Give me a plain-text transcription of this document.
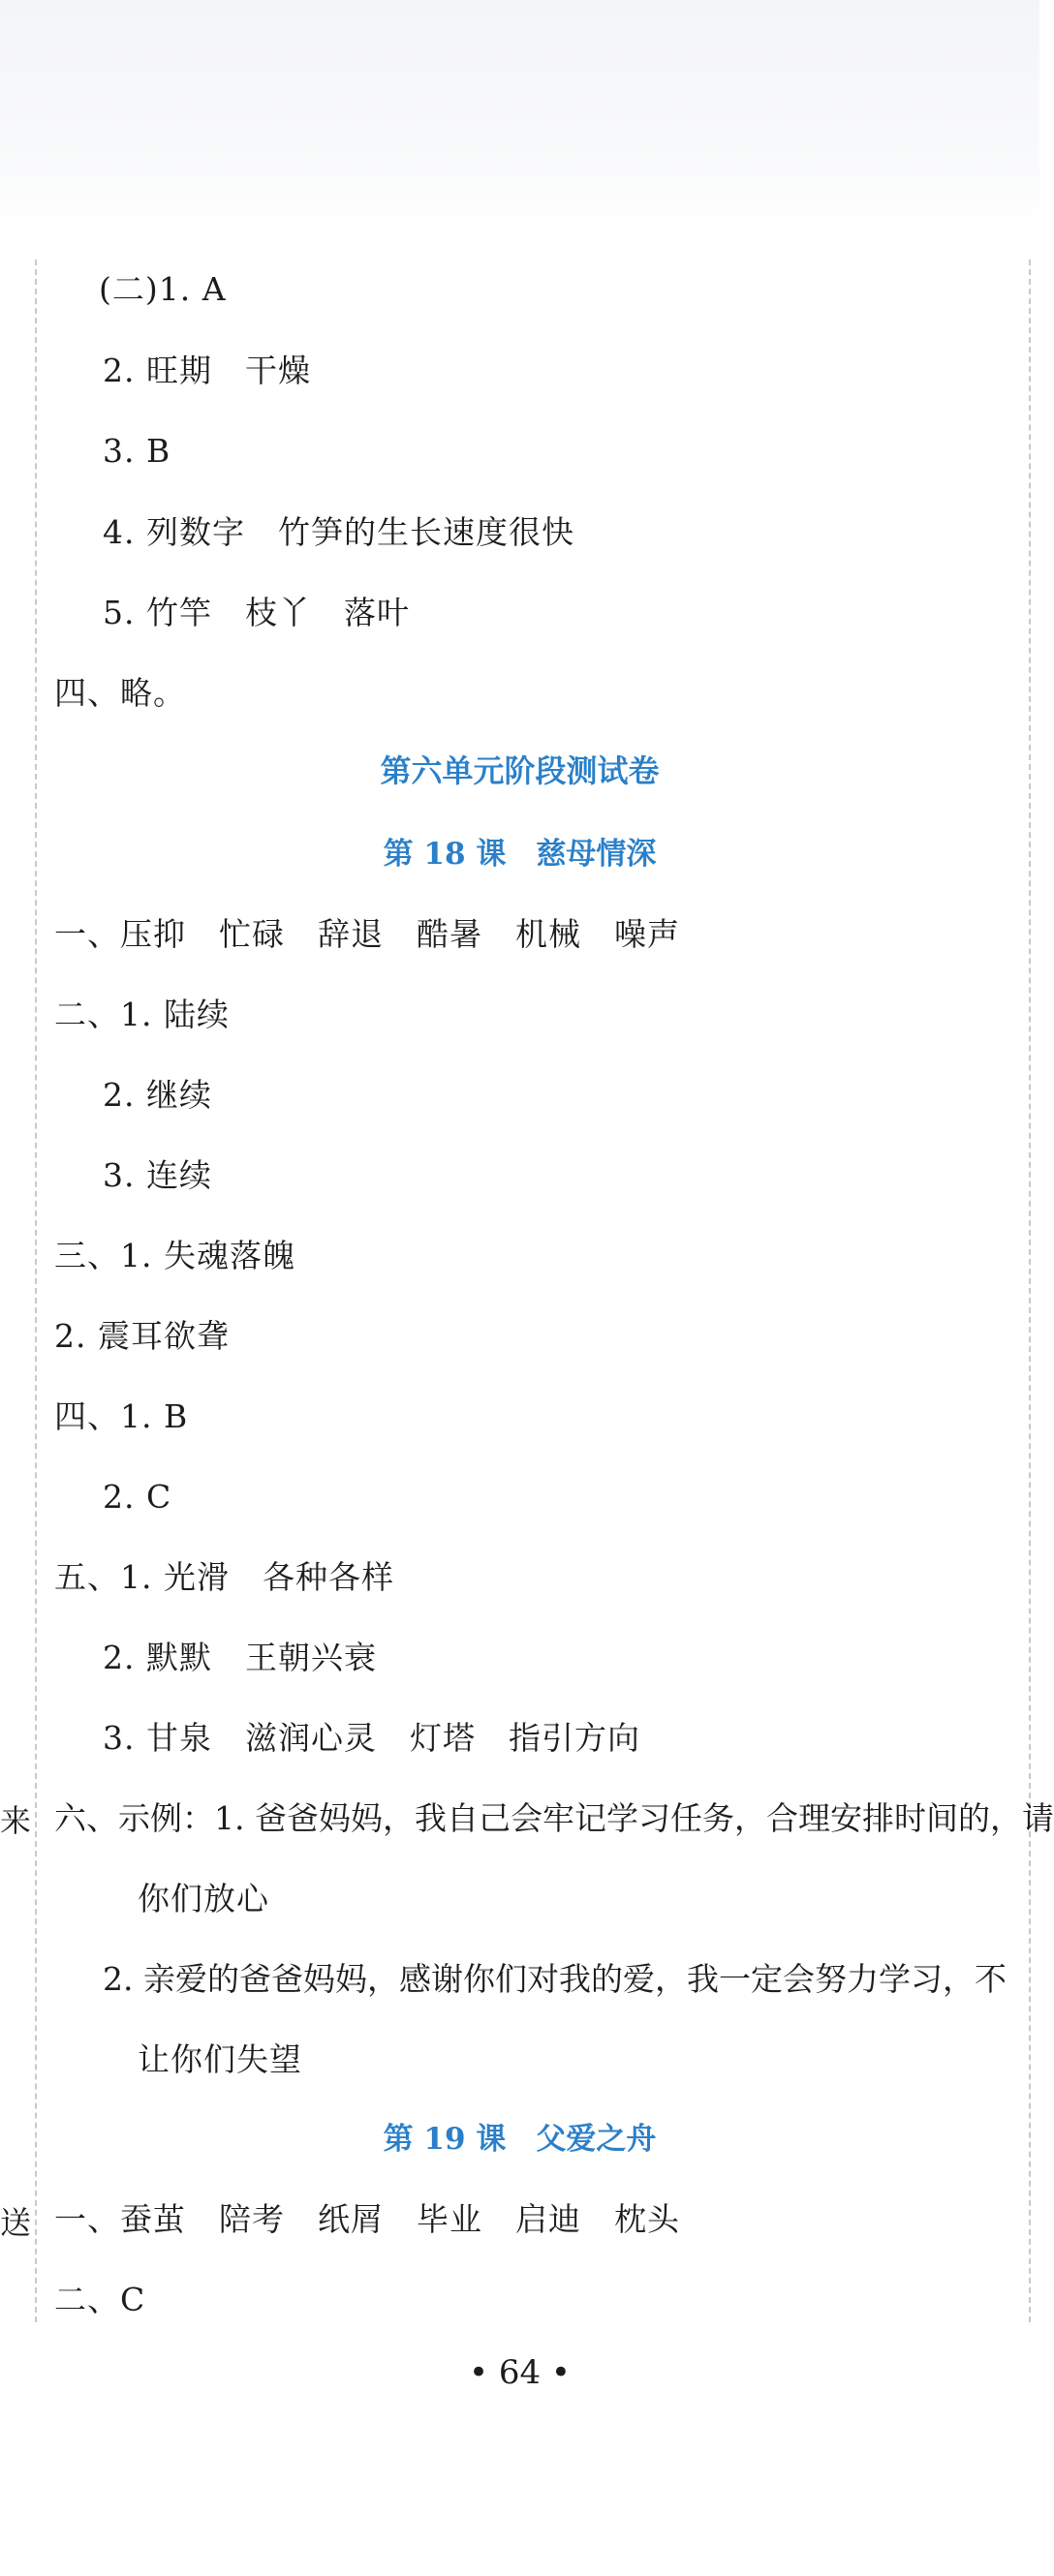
来
送
(二)1. A
2. 旺期　干燥
3. B
4. 列数字　竹笋的生长速度很快
5. 竹竿　枝丫　落叶
四、略。
第六单元阶段测试卷
第 18 课　慈母情深
一、压抑　忙碌　辞退　酷暑　机械　噪声
二、1. 陆续
2. 继续
3. 连续
三、1. 失魂落魄
2. 震耳欲聋
四、1. B
2. C
五、1. 光滑　各种各样
2. 默默　王朝兴衰
3. 甘泉　滋润心灵　灯塔　指引方向
六、示例：1. 爸爸妈妈，我自己会牢记学习任务，合理安排时间的，请
你们放心
2. 亲爱的爸爸妈妈，感谢你们对我的爱，我一定会努力学习，不
让你们失望
第 19 课　父爱之舟
一、蚕茧　陪考　纸屑　毕业　启迪　枕头
二、C
• 64 •
